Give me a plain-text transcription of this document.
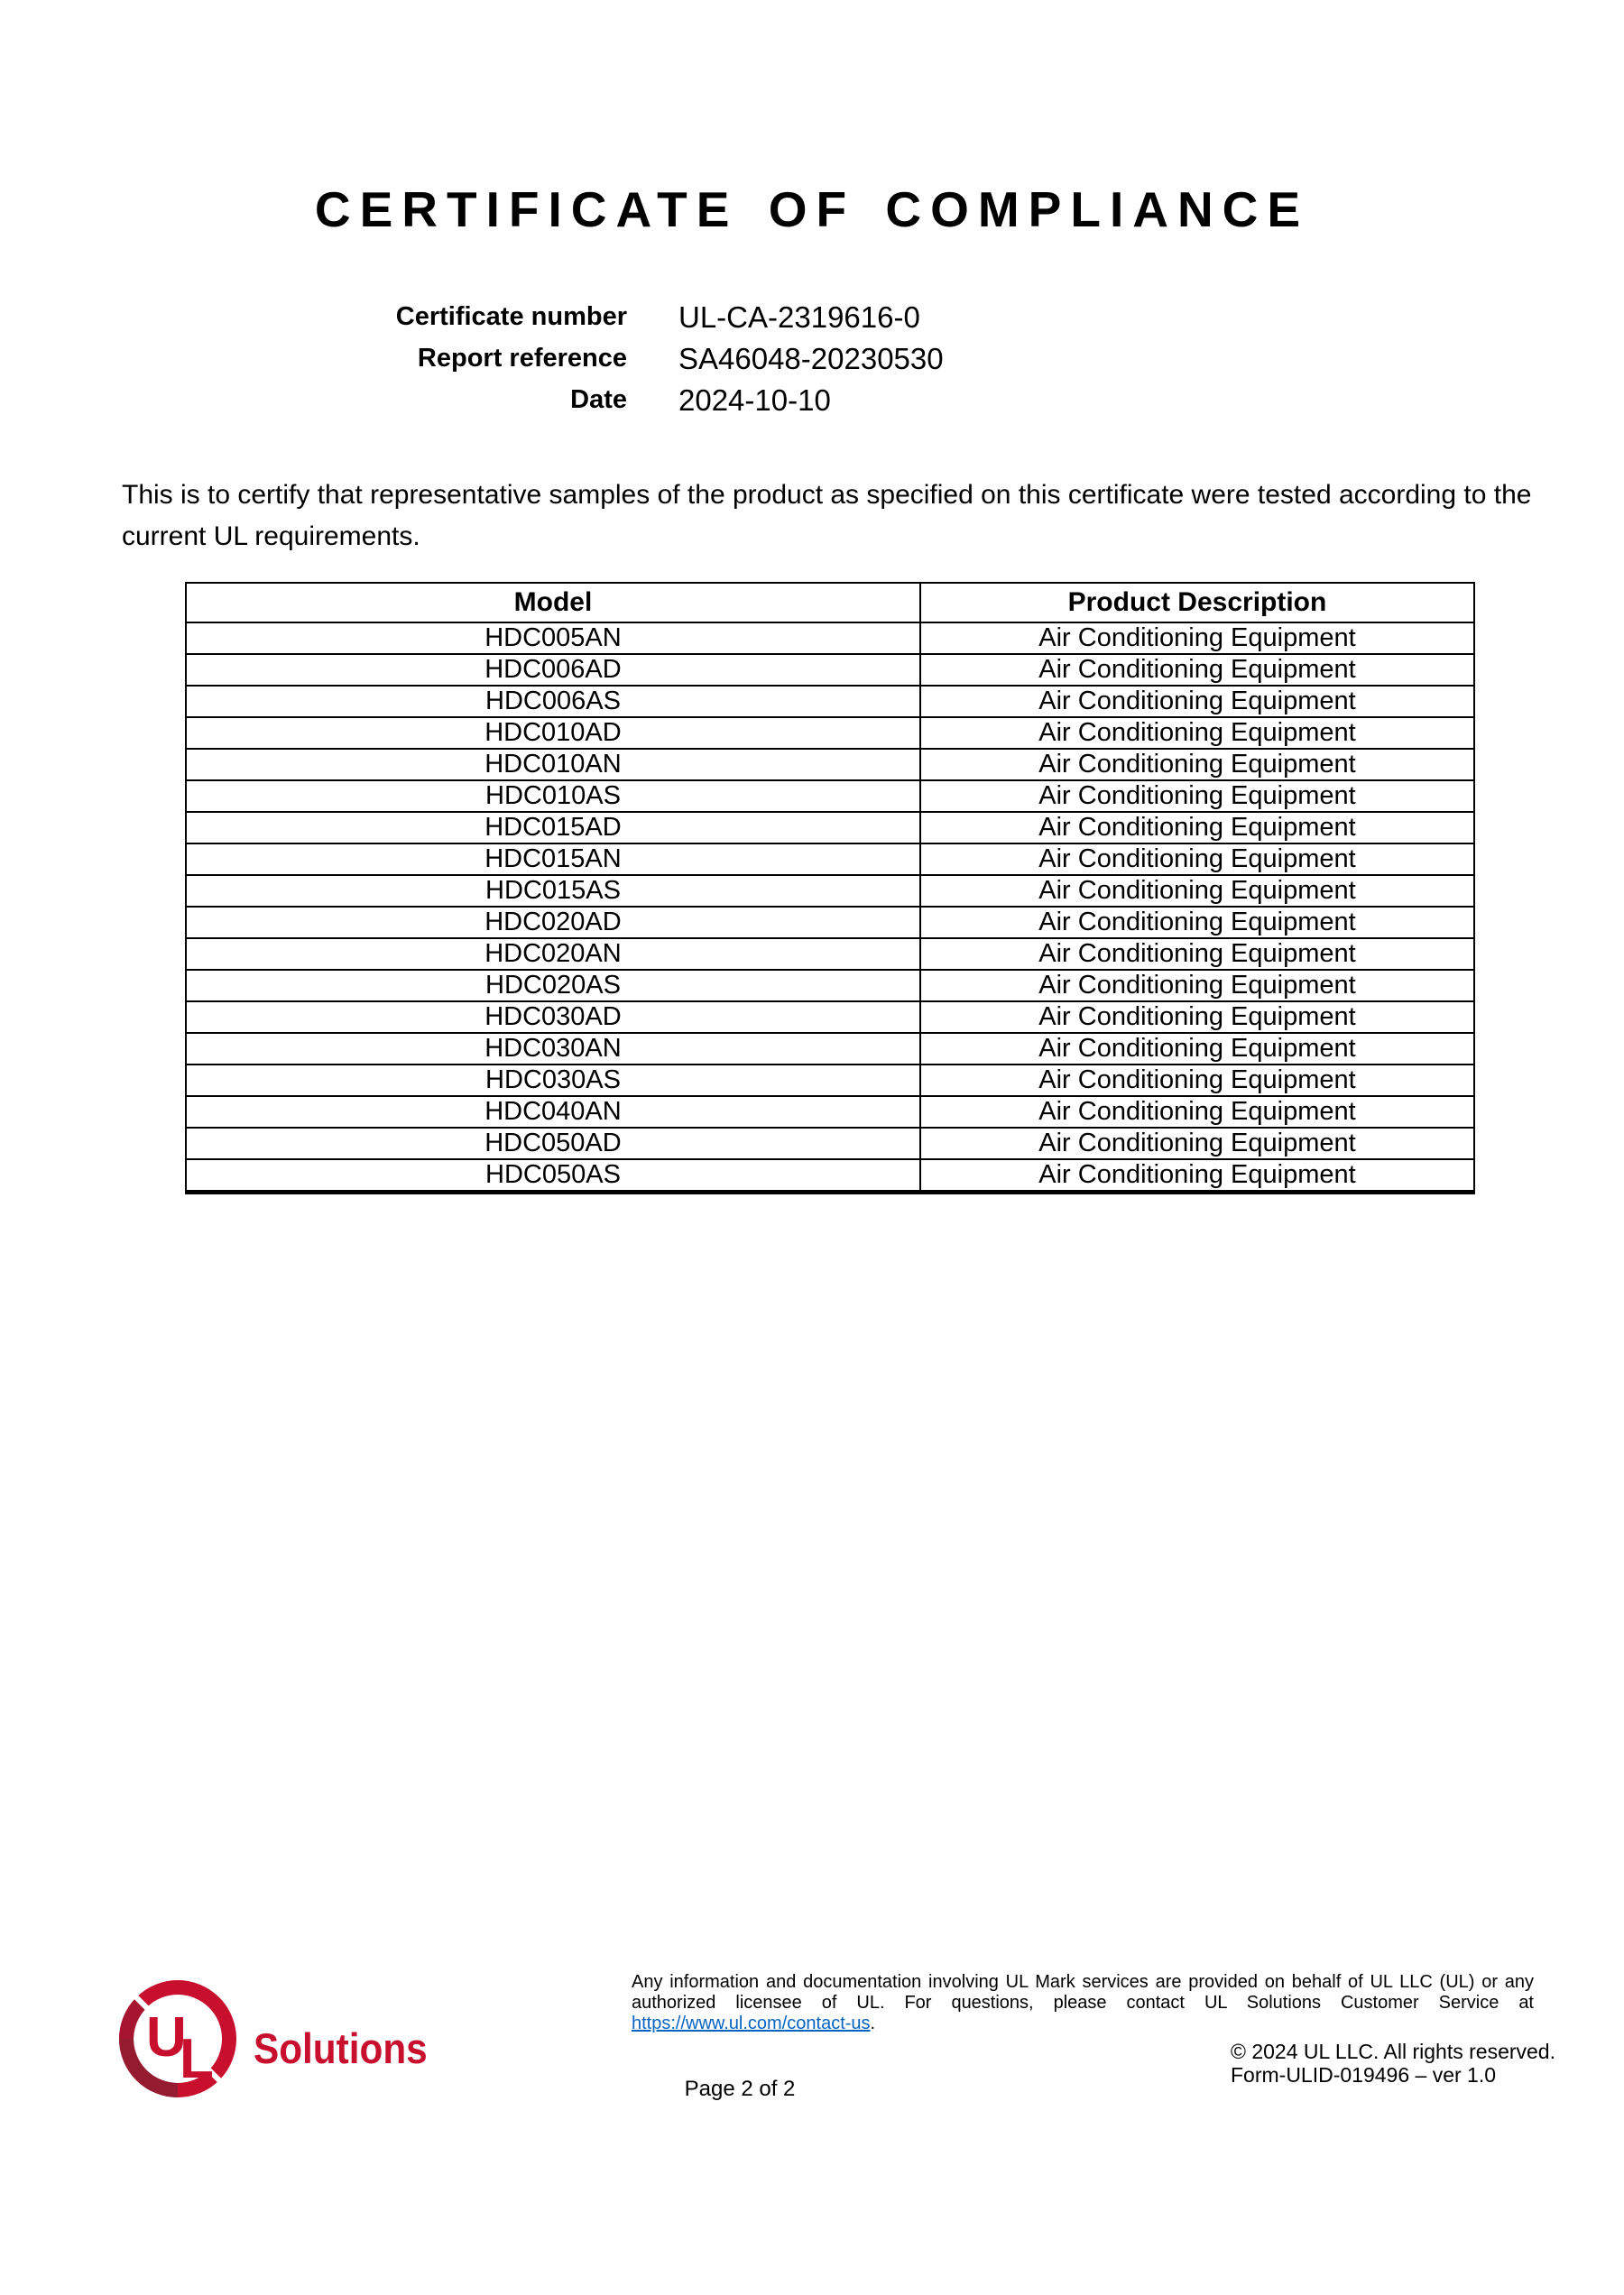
CERTIFICATE OF COMPLIANCE
Certificate number UL-CA-2319616-0
Report reference SA46048-20230530
Date 2024-10-10
This is to certify that representative samples of the product as specified on this certificate were tested according to the current UL requirements.
Model	Product Description
HDC005AN	Air Conditioning Equipment
HDC006AD	Air Conditioning Equipment
HDC006AS	Air Conditioning Equipment
HDC010AD	Air Conditioning Equipment
HDC010AN	Air Conditioning Equipment
HDC010AS	Air Conditioning Equipment
HDC015AD	Air Conditioning Equipment
HDC015AN	Air Conditioning Equipment
HDC015AS	Air Conditioning Equipment
HDC020AD	Air Conditioning Equipment
HDC020AN	Air Conditioning Equipment
HDC020AS	Air Conditioning Equipment
HDC030AD	Air Conditioning Equipment
HDC030AN	Air Conditioning Equipment
HDC030AS	Air Conditioning Equipment
HDC040AN	Air Conditioning Equipment
HDC050AD	Air Conditioning Equipment
HDC050AS	Air Conditioning Equipment
U
L Solutions
Any information and documentation involving UL Mark services are provided on behalf of UL LLC (UL) or any authorized licensee of UL. For questions, please contact UL Solutions Customer Service at https://www.ul.com/contact-us.
© 2024 UL LLC. All rights reserved.
Form-ULID-019496 – ver 1.0
Page 2 of 2
